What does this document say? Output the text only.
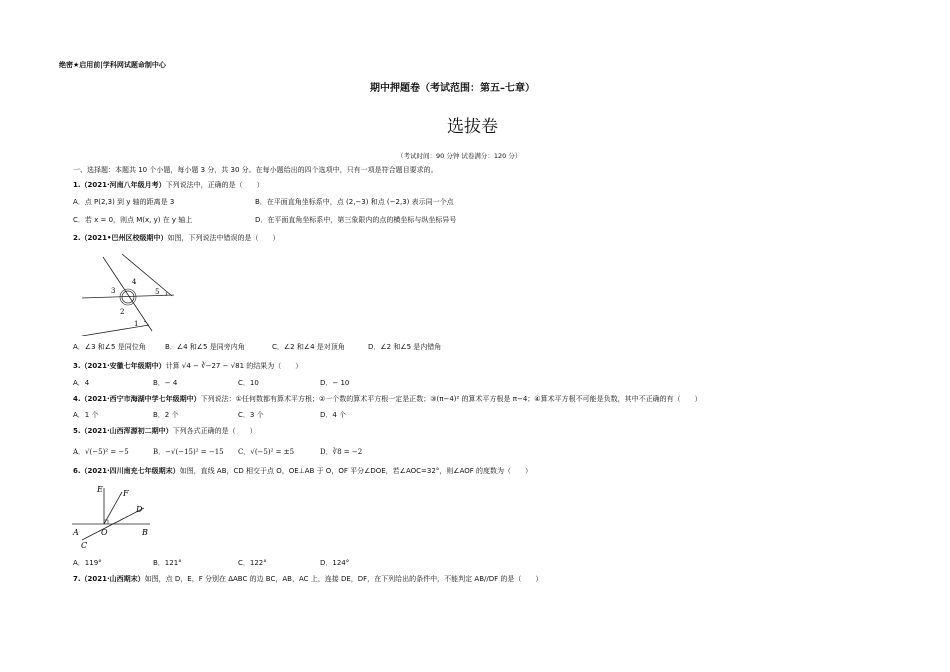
绝密★启用前|学科网试题命制中心
期中押题卷（考试范围：第五–七章）
选拔卷
（考试时间：90 分钟 试卷满分：120 分）
一、选择题：本题共 10 个小题，每小题 3 分，共 30 分。在每小题给出的四个选项中，只有一项是符合题目要求的。
1.（2021·河南八年级月考）下列说法中，正确的是（　　）
A．点 P(2,3) 到 y 轴的距离是 3	B．在平面直角坐标系中，点 (2,−3) 和点 (−2,3) 表示同一个点
C．若 x = 0，则点 M(x, y) 在 y 轴上	D．在平面直角坐标系中，第三象限内的点的横坐标与纵坐标异号
2.（2021•巴州区校级期中）如图，下列说法中错误的是（　　）
4
3	5
2
1
A．∠3 和∠5 是同位角	B．∠4 和∠5 是同旁内角	C．∠2 和∠4 是对顶角	D．∠2 和∠5 是内错角
3.（2021·安徽七年级期中）计算 √4 − ∛−27 − √81 的结果为（　　）
A．4	B．− 4	C．10	D．− 10
4.（2021·西宁市海湖中学七年级期中）下列说法：①任何数都有算术平方根；②一个数的算术平方根一定是正数；③(π−4)² 的算术平方根是 π−4；④算术平方根不可能是负数，其中不正确的有（　　）
A．1 个	B．2 个	C．3 个	D．4 个
5.（2021·山西浑源初二期中）下列各式正确的是（　　）
A．√(−5)² = −5	B．−√(−15)² = −15 C．√(−5)² = ±5	D．∛8 = −2
6.（2021·四川南充七年级期末）如图，直线 AB，CD 相交于点 O，OE⊥AB 于 O，OF 平分∠DOE，若∠AOC=32°，则∠AOF 的度数为（　　）
E	F
D
A	O	B
C
A．119°	B．121°	C．122°	D．124°
7.（2021·山西期末）如图，点 D，E，F 分别在 ΔABC 的边 BC，AB，AC 上，连接 DE，DF，在下列给出的条件中，不能判定 AB//DF 的是（　　）
